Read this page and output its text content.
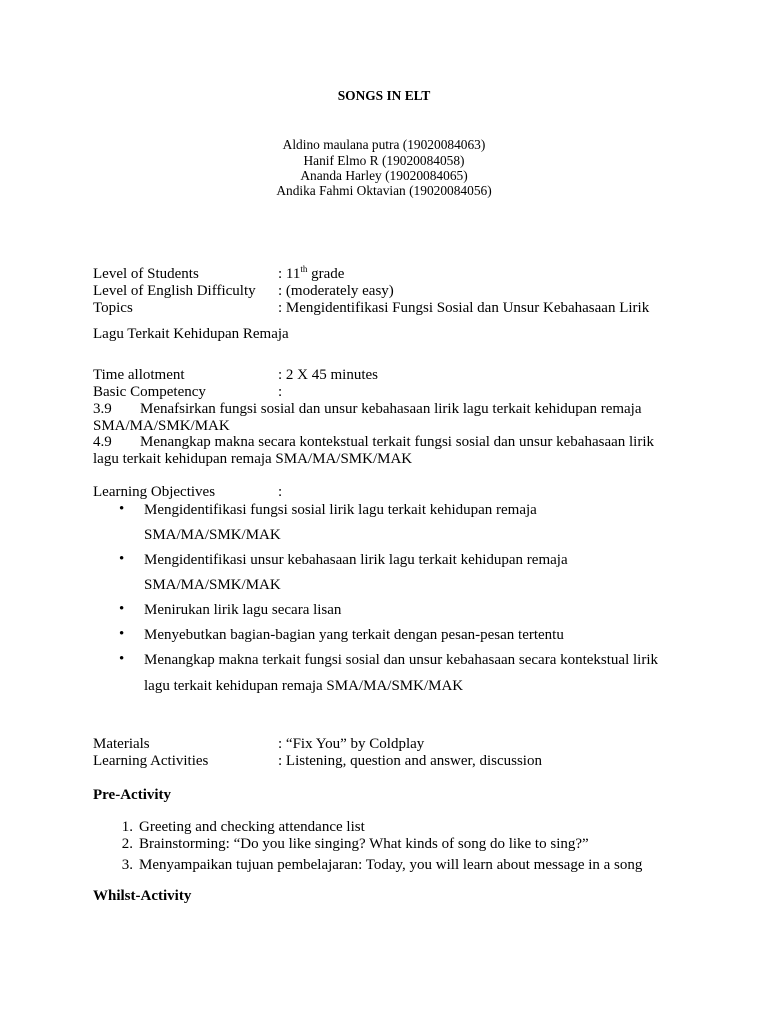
SONGS IN ELT
Aldino maulana putra (19020084063)
Hanif Elmo R (19020084058)
Ananda Harley (19020084065)
Andika Fahmi Oktavian (19020084056)
Level of Students	: 11th grade
Level of English Difficulty : (moderately easy)
Topics	: Mengidentifikasi Fungsi Sosial dan Unsur Kebahasaan Lirik
Lagu Terkait Kehidupan Remaja
Time allotment	: 2 X 45 minutes
Basic Competency	:
3.9 Menafsirkan fungsi sosial dan unsur kebahasaan lirik lagu terkait kehidupan remaja
SMA/MA/SMK/MAK
4.9 Menangkap makna secara kontekstual terkait fungsi sosial dan unsur kebahasaan lirik
lagu terkait kehidupan remaja SMA/MA/SMK/MAK
Learning Objectives	:
• Mengidentifikasi fungsi sosial lirik lagu terkait kehidupan remaja
SMA/MA/SMK/MAK
• Mengidentifikasi unsur kebahasaan lirik lagu terkait kehidupan remaja
SMA/MA/SMK/MAK
• Menirukan lirik lagu secara lisan
• Menyebutkan bagian-bagian yang terkait dengan pesan-pesan tertentu
• Menangkap makna terkait fungsi sosial dan unsur kebahasaan secara kontekstual lirik
lagu terkait kehidupan remaja SMA/MA/SMK/MAK
Materials	: “Fix You” by Coldplay
Learning Activities	: Listening, question and answer, discussion
Pre-Activity
1. Greeting and checking attendance list
2. Brainstorming: “Do you like singing? What kinds of song do like to sing?”
3. Menyampaikan tujuan pembelajaran: Today, you will learn about message in a song
Whilst-Activity
